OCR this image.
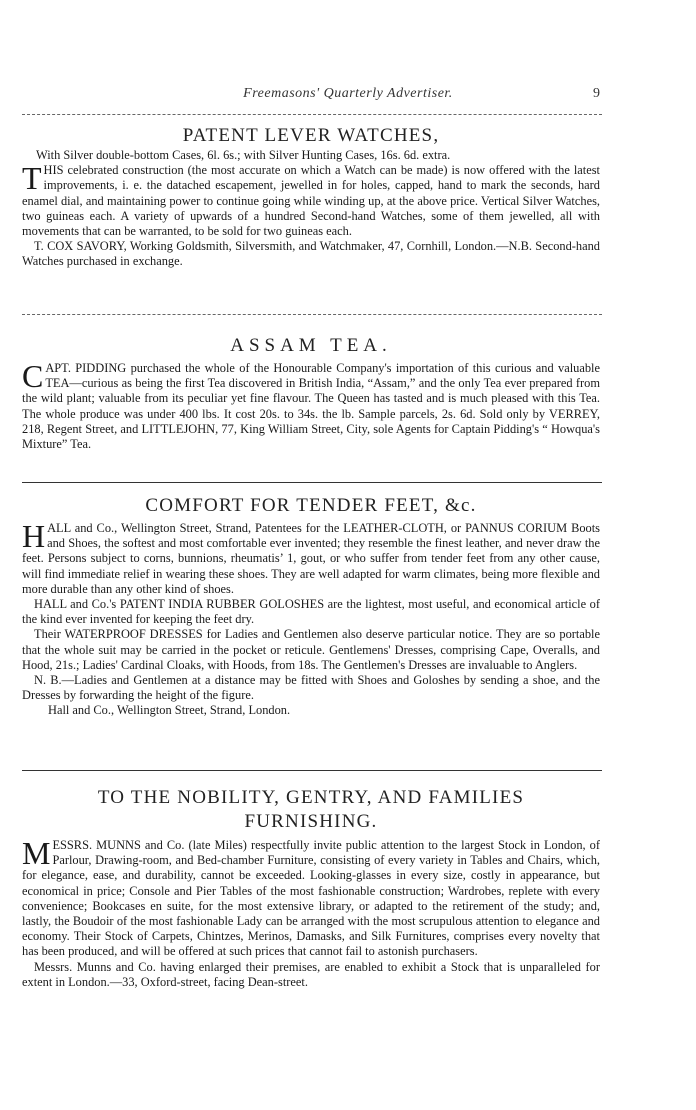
Freemasons' Quarterly Advertiser.	9
PATENT LEVER WATCHES,

With Silver double-bottom Cases, 6l. 6s.; with Silver Hunting Cases, 16s. 6d. extra.

THIS celebrated construction (the most accurate on which a Watch can be made) is now offered with the latest improvements, i. e. the datached escapement, jewelled in for holes, capped, hand to mark the seconds, hard enamel dial, and maintaining power to continue going while winding up, at the above price. Vertical Silver Watches, two guineas each. A variety of upwards of a hundred Second-hand Watches, some of them jewelled, all with movements that can be warranted, to be sold for two guineas each.

T. COX SAVORY, Working Goldsmith, Silversmith, and Watchmaker, 47, Cornhill, London.—N.B. Second-hand Watches purchased in exchange.

ASSAM TEA.

CAPT. PIDDING purchased the whole of the Honourable Company's importation of this curious and valuable TEA—curious as being the first Tea discovered in British India, “Assam,” and the only Tea ever prepared from the wild plant; valuable from its peculiar yet fine flavour. The Queen has tasted and is much pleased with this Tea. The whole produce was under 400 lbs. It cost 20s. to 34s. the lb. Sample parcels, 2s. 6d. Sold only by VERREY, 218, Regent Street, and LITTLEJOHN, 77, King William Street, City, sole Agents for Captain Pidding's “ Howqua's Mixture” Tea.

COMFORT FOR TENDER FEET, &c.

HALL and Co., Wellington Street, Strand, Patentees for the LEATHER-CLOTH, or PANNUS CORIUM Boots and Shoes, the softest and most comfortable ever invented; they resemble the finest leather, and never draw the feet. Persons subject to corns, bunnions, rheumatis’ 1, gout, or who suffer from tender feet from any other cause, will find immediate relief in wearing these shoes. They are well adapted for warm climates, being more flexible and more durable than any other kind of shoes.

HALL and Co.'s PATENT INDIA RUBBER GOLOSHES are the lightest, most useful, and economical article of the kind ever invented for keeping the feet dry.

Their WATERPROOF DRESSES for Ladies and Gentlemen also deserve particular notice. They are so portable that the whole suit may be carried in the pocket or reticule. Gentlemens' Dresses, comprising Cape, Overalls, and Hood, 21s.; Ladies' Cardinal Cloaks, with Hoods, from 18s. The Gentlemen's Dresses are invaluable to Anglers.

N. B.—Ladies and Gentlemen at a distance may be fitted with Shoes and Goloshes by sending a shoe, and the Dresses by forwarding the height of the figure.

Hall and Co., Wellington Street, Strand, London.

TO THE NOBILITY, GENTRY, AND FAMILIES
FURNISHING.

MESSRS. MUNNS and Co. (late Miles) respectfully invite public attention to the largest Stock in London, of Parlour, Drawing-room, and Bed-chamber Furniture, consisting of every variety in Tables and Chairs, which, for elegance, ease, and durability, cannot be exceeded. Looking-glasses in every size, costly in appearance, but economical in price; Console and Pier Tables of the most fashionable construction; Wardrobes, replete with every convenience; Bookcases en suite, for the most extensive library, or adapted to the retirement of the study; and, lastly, the Boudoir of the most fashionable Lady can be arranged with the most scrupulous attention to elegance and economy. Their Stock of Carpets, Chintzes, Merinos, Damasks, and Silk Furnitures, comprises every novelty that has been produced, and will be offered at such prices that cannot fail to astonish purchasers.

Messrs. Munns and Co. having enlarged their premises, are enabled to exhibit a Stock that is unparalleled for extent in London.—33, Oxford-street, facing Dean-street.
